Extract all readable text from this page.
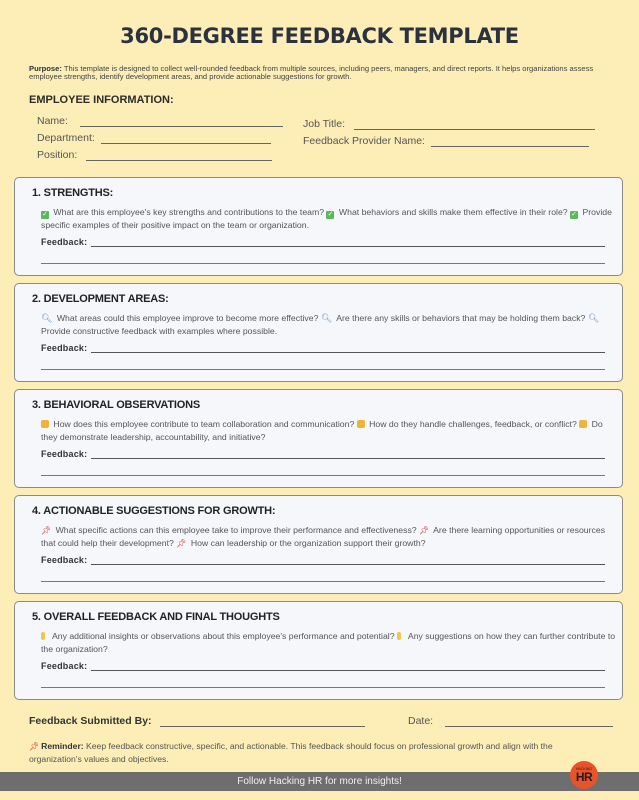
360-DEGREE FEEDBACK TEMPLATE
Purpose: This template is designed to collect well-rounded feedback from multiple sources, including peers, managers, and direct reports. It helps organizations assess employee strengths, identify development areas, and provide actionable suggestions for growth.
EMPLOYEE INFORMATION:
Name:
Department:
Position:
Job Title:
Feedback Provider Name:
1. STRENGTHS:
✓ What are this employee's key strengths and contributions to the team? ✓ What behaviors and skills make them effective in their role? ✓ Provide specific examples of their positive impact on the team or organization.
Feedback:
2. DEVELOPMENT AREAS:
🔍︎ What areas could this employee improve to become more effective? 🔍︎ Are there any skills or behaviors that may be holding them back? 🔍︎ Provide constructive feedback with examples where possible.
Feedback:
3. BEHAVIORAL OBSERVATIONS
How does this employee contribute to team collaboration and communication? How do they handle challenges, feedback, or conflict? Do they demonstrate leadership, accountability, and initiative?
Feedback:
4. ACTIONABLE SUGGESTIONS FOR GROWTH:
📌︎ What specific actions can this employee take to improve their performance and effectiveness? 📌︎ Are there learning opportunities or resources that could help their development? 📌︎ How can leadership or the organization support their growth?
Feedback:
5. OVERALL FEEDBACK AND FINAL THOUGHTS
Any additional insights or observations about this employee's performance and potential? Any suggestions on how they can further contribute to the organization?
Feedback:
Feedback Submitted By:	Date:
📌︎ Reminder: Keep feedback constructive, specific, and actionable. This feedback should focus on professional growth and align with the organization's values and objectives.
Follow Hacking HR for more insights!
HACKING
HR
